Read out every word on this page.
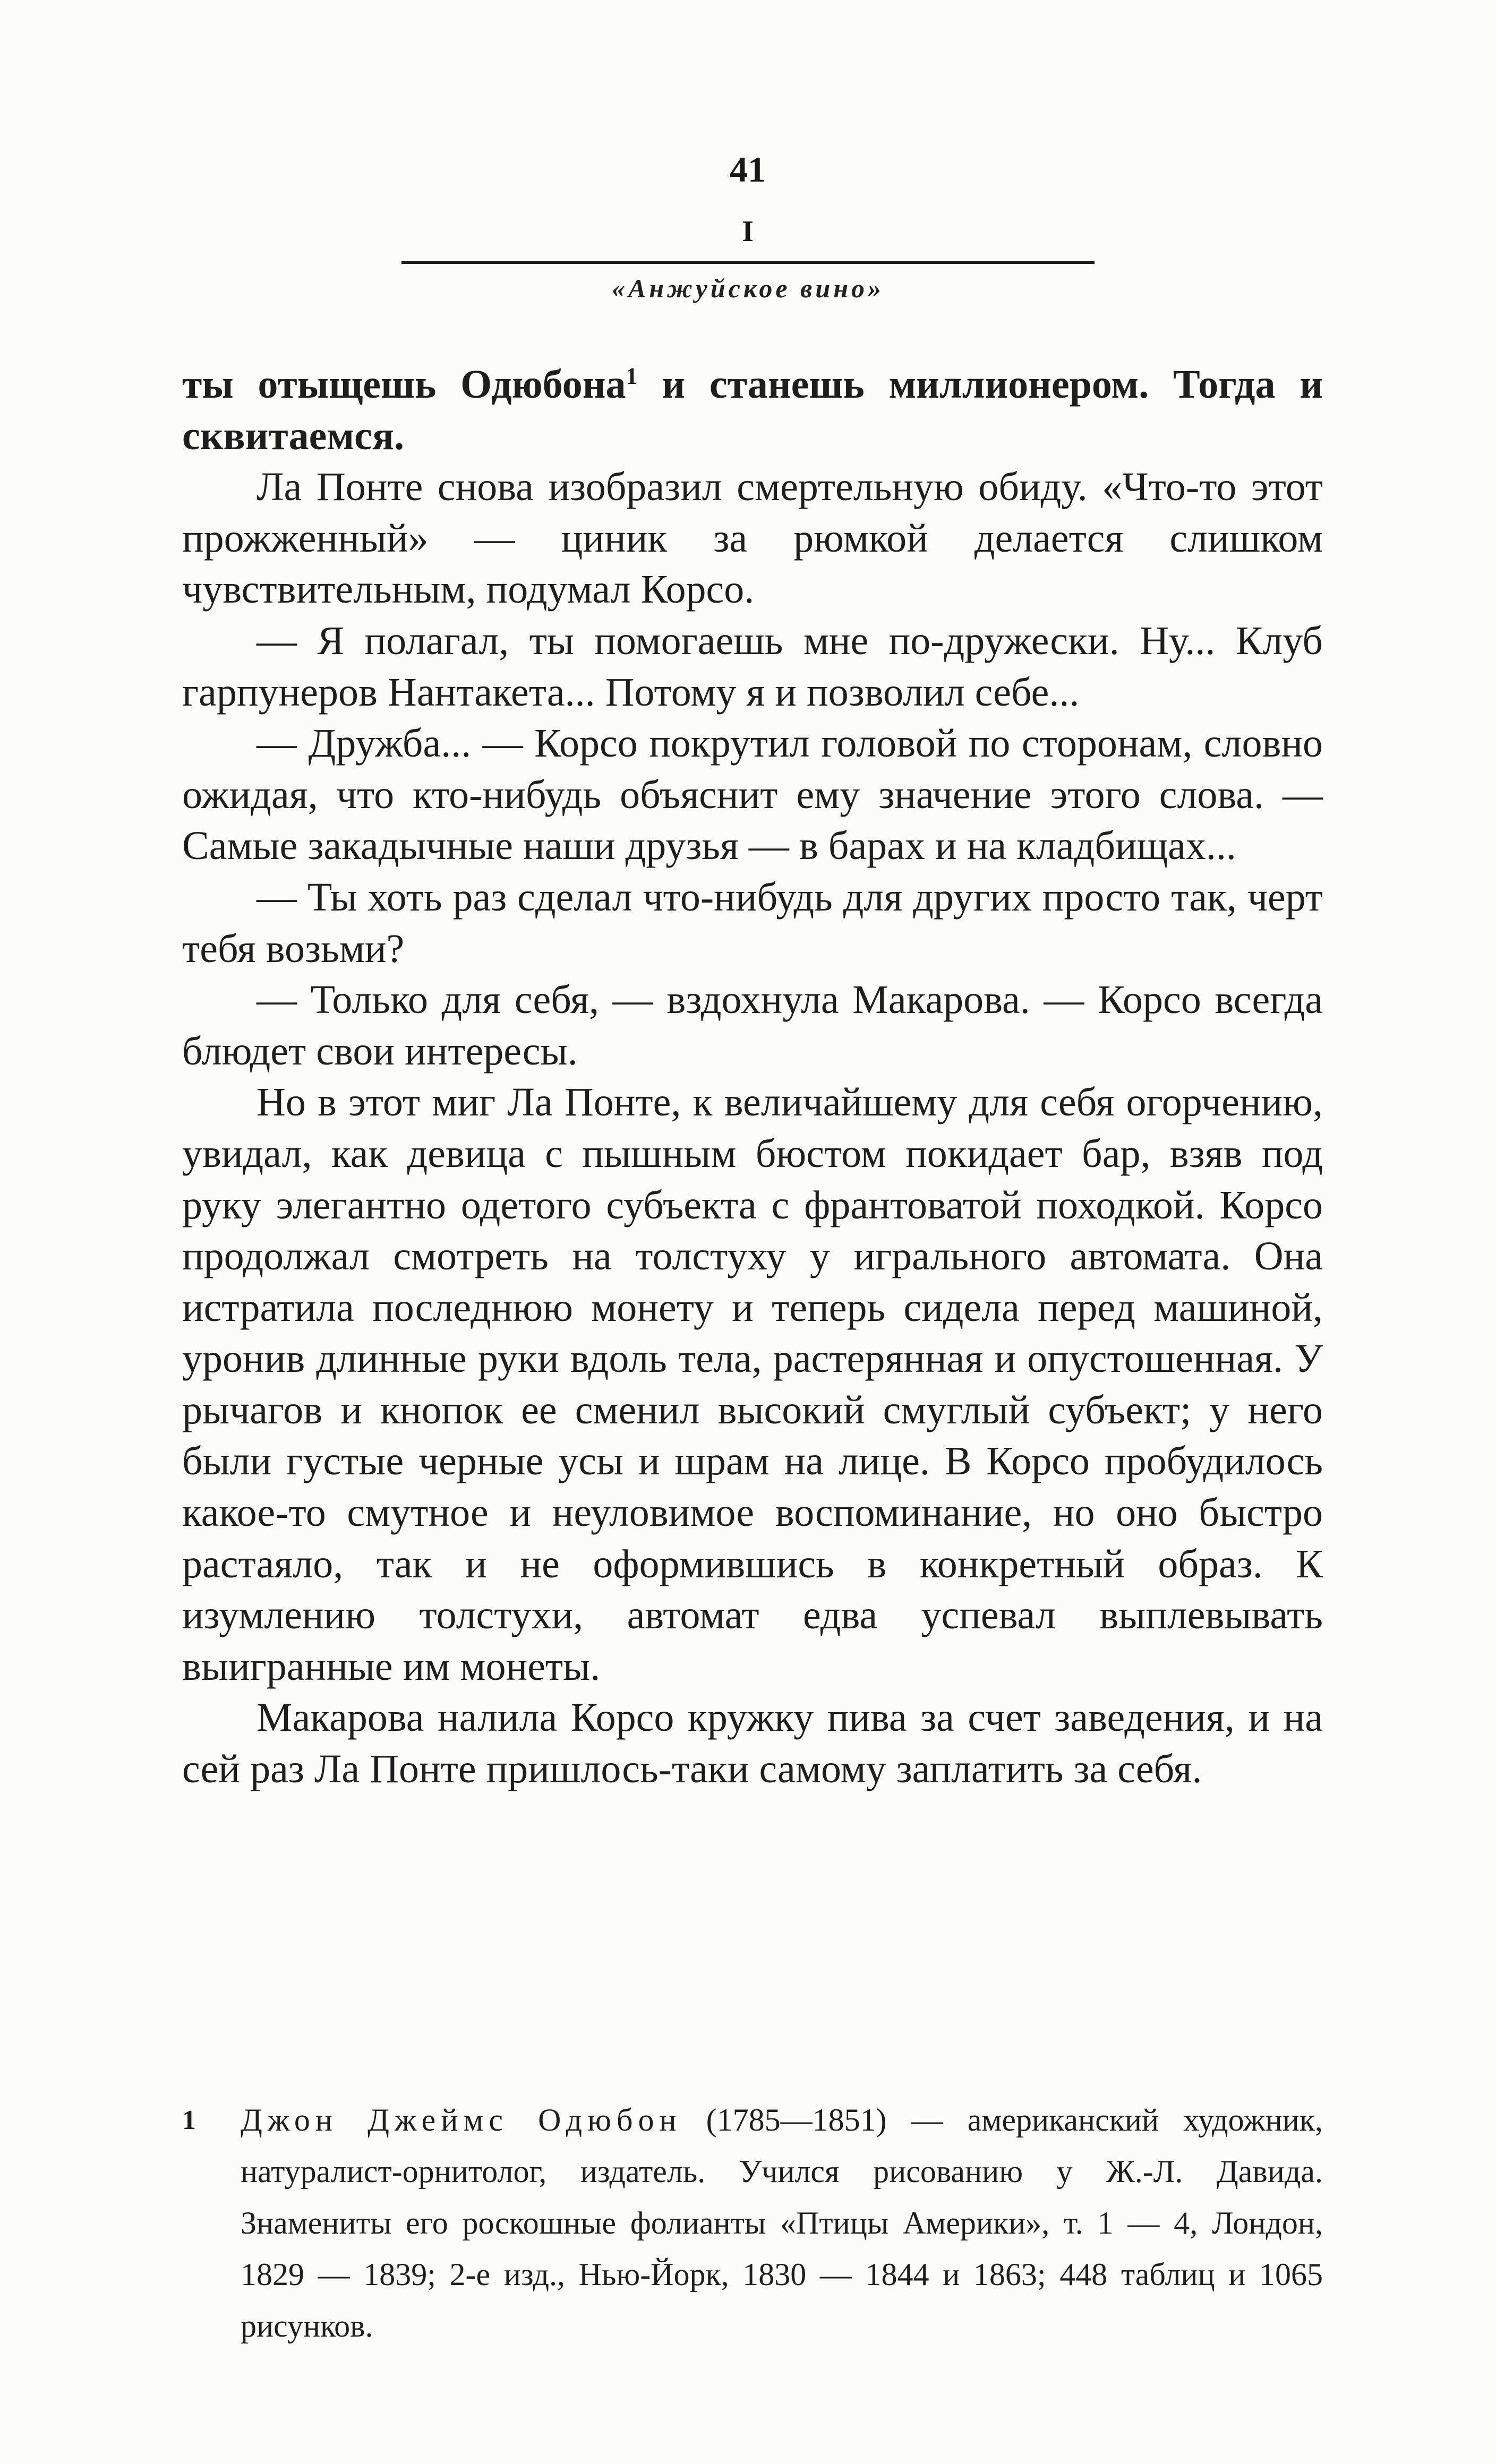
41
I
«Анжуйское вино»

ты отыщешь Одюбона$^1$ и станешь миллионером. Тогда и сквитаемся.

Ла Понте снова изобразил смертельную обиду. «Что-то этот прожженный» — циник за рюмкой делается слишком чувствительным, подумал Корсо.

— Я полагал, ты помогаешь мне по-дружески. Ну... Клуб гарпунеров Нантакета... Потому я и позволил себе...

— Дружба... — Корсо покрутил головой по сторонам, словно ожидая, что кто-нибудь объяснит ему значение этого слова. — Самые закадычные наши друзья — в барах и на кладбищах...

— Ты хоть раз сделал что-нибудь для других просто так, черт тебя возьми?

— Только для себя, — вздохнула Макарова. — Корсо всегда блюдет свои интересы.

Но в этот миг Ла Понте, к величайшему для себя огорчению, увидал, как девица с пышным бюстом покидает бар, взяв под руку элегантно одетого субъекта с франтоватой походкой. Корсо продолжал смотреть на толстуху у игрального автомата. Она истратила последнюю монету и теперь сидела перед машиной, уронив длинные руки вдоль тела, растерянная и опустошенная. У рычагов и кнопок ее сменил высокий смуглый субъект; у него были густые черные усы и шрам на лице. В Корсо пробудилось какое-то смутное и неуловимое воспоминание, но оно быстро растаяло, так и не оформившись в конкретный образ. К изумлению толстухи, автомат едва успевал выплевывать выигранные им монеты.

Макарова налила Корсо кружку пива за счет заведения, и на сей раз Ла Понте пришлось-таки самому заплатить за себя.

1 Джон Джеймс Одюбон (1785—1851) — американский художник, натуралист-орнитолог, издатель. Учился рисованию у Ж.-Л. Давида. Знамениты его роскошные фолианты «Птицы Америки», т. 1 — 4, Лондон, 1829 — 1839; 2-е изд., Нью-Йорк, 1830 — 1844 и 1863; 448 таблиц и 1065 рисунков.
